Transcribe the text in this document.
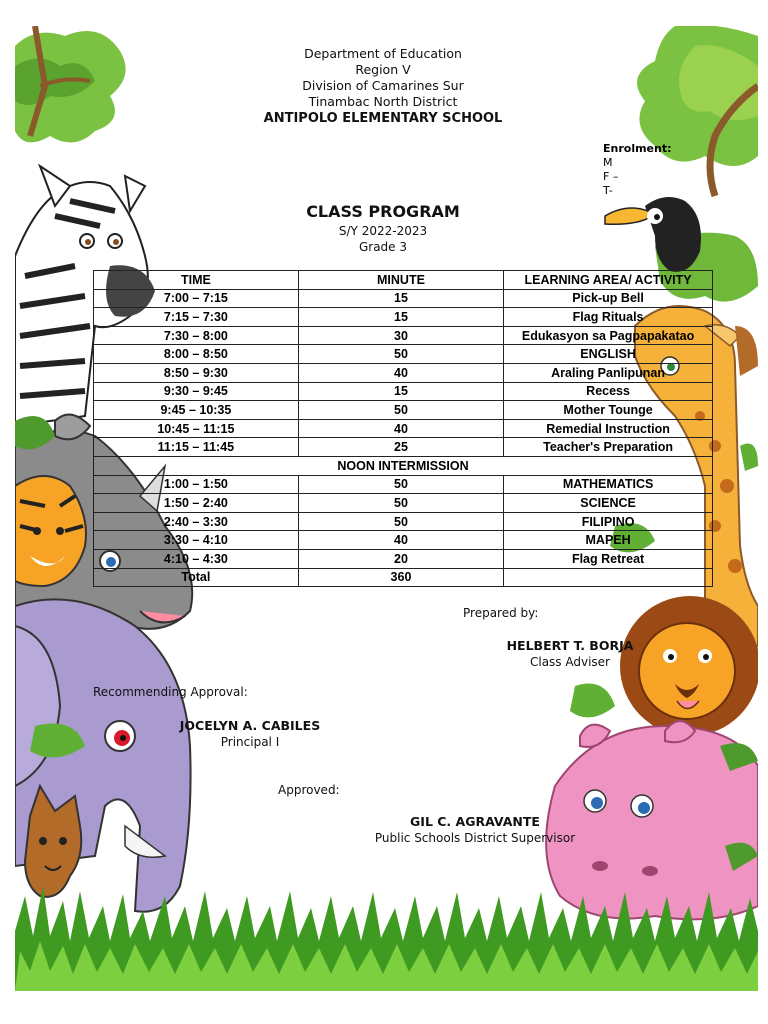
Department of Education
Region V
Division of Camarines Sur
Tinambac North District
ANTIPOLO ELEMENTARY SCHOOL
Enrolment:
M
F –
T-
CLASS PROGRAM
S/Y 2022-2023
Grade 3
TIME	MINUTE	LEARNING AREA/ ACTIVITY
7:00 – 7:15	15	Pick-up Bell
7:15 – 7:30	15	Flag Rituals
7:30 – 8:00	30	Edukasyon sa Pagpapakatao
8:00 – 8:50	50	ENGLISH
8:50 – 9:30	40	Araling Panlipunan
9:30 – 9:45	15	Recess
9:45 – 10:35	50	Mother Tounge
10:45 – 11:15	40	Remedial Instruction
11:15 – 11:45	25	Teacher's Preparation
NOON INTERMISSION		
1:00 – 1:50	50	MATHEMATICS
1:50 – 2:40	50	SCIENCE
2:40 – 3:30	50	FILIPINO
3:30 – 4:10	40	MAPEH
4:10 – 4:30	20	Flag Retreat
Total	360	
Prepared by:
HELBERT T. BORJA
Class Adviser
Recommending Approval:
JOCELYN A. CABILES
Principal I
Approved:
GIL C. AGRAVANTE
Public Schools District Supervisor
